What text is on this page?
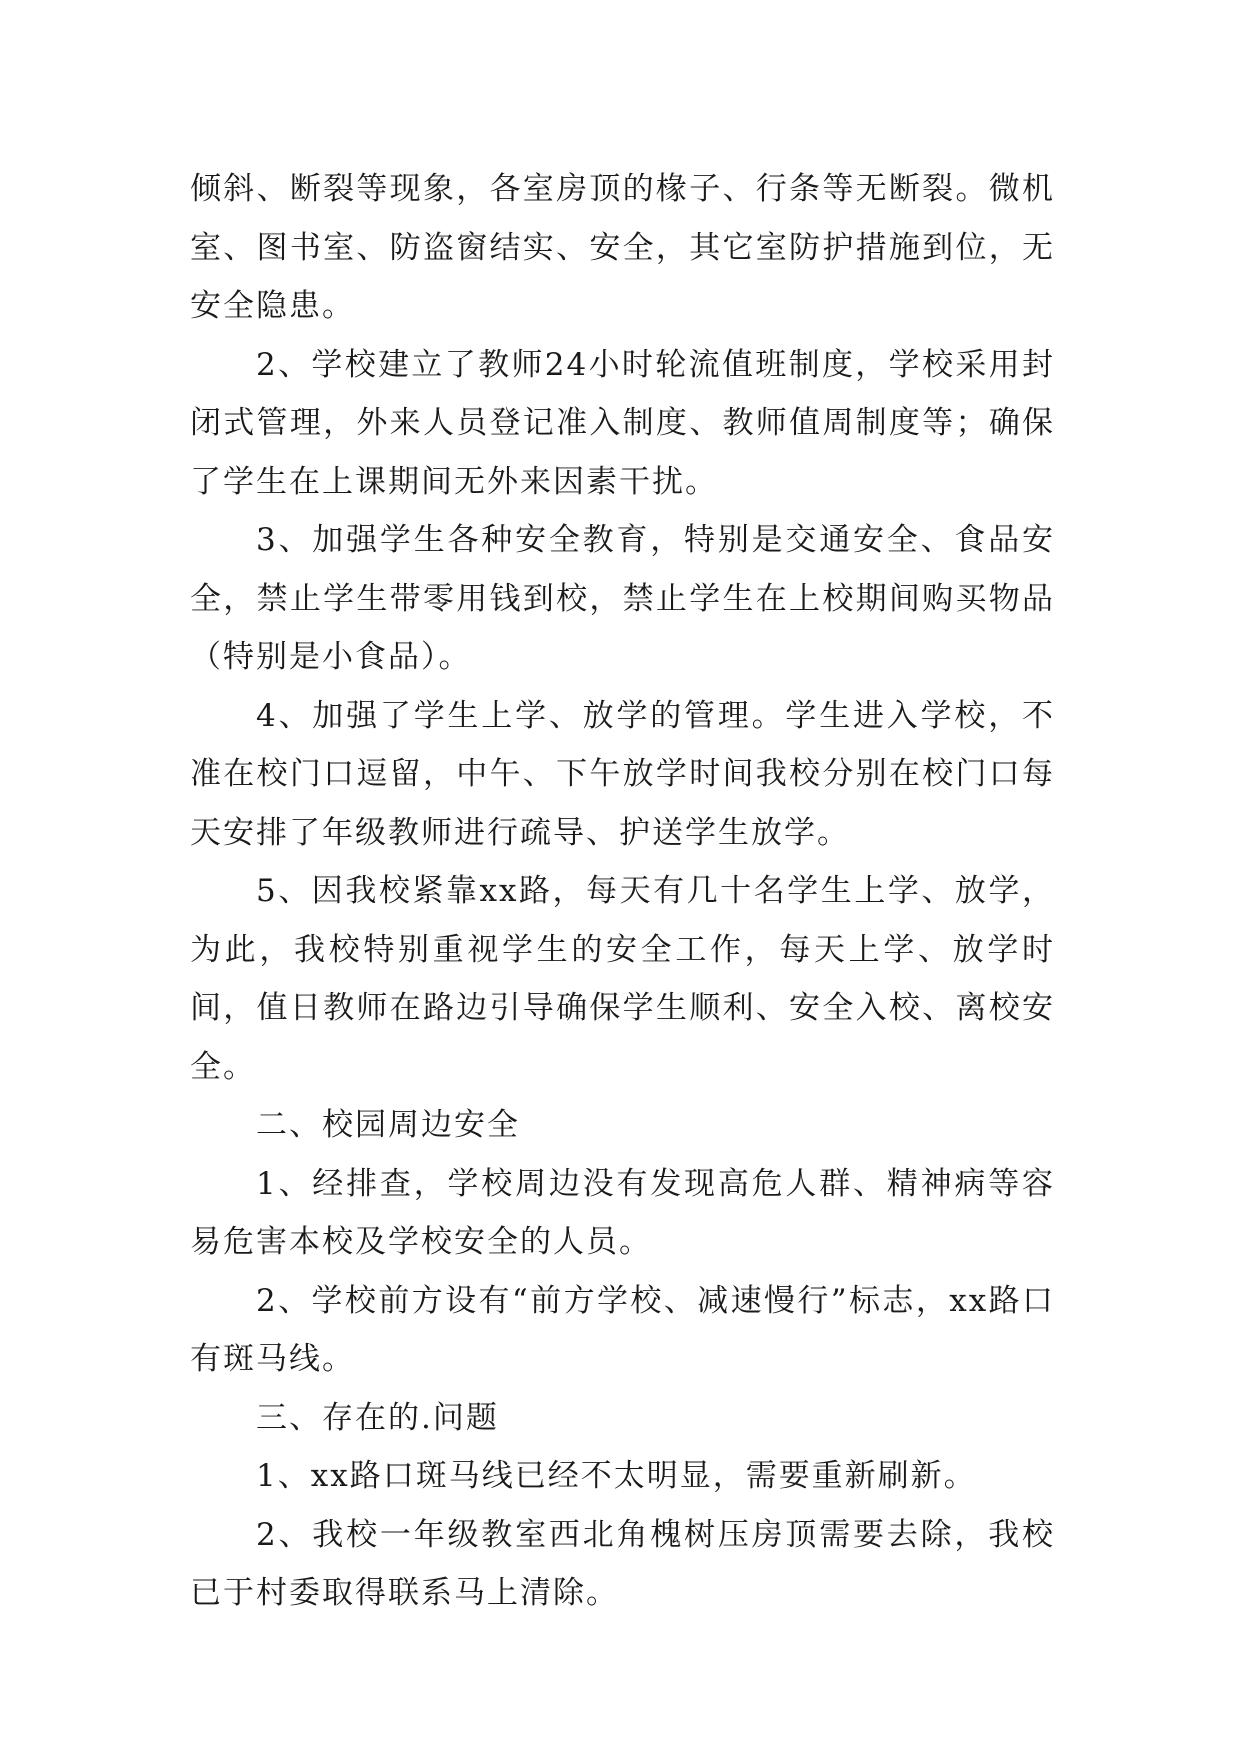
倾斜、断裂等现象，各室房顶的椽子、行条等无断裂。微机室、图书室、防盗窗结实、安全，其它室防护措施到位，无安全隐患。

2、学校建立了教师24小时轮流值班制度，学校采用封闭式管理，外来人员登记准入制度、教师值周制度等；确保了学生在上课期间无外来因素干扰。

3、加强学生各种安全教育，特别是交通安全、食品安全，禁止学生带零用钱到校，禁止学生在上校期间购买物品（特别是小食品）。

4、加强了学生上学、放学的管理。学生进入学校，不准在校门口逗留，中午、下午放学时间我校分别在校门口每天安排了年级教师进行疏导、护送学生放学。

5、因我校紧靠xx路，每天有几十名学生上学、放学，为此，我校特别重视学生的安全工作，每天上学、放学时间，值日教师在路边引导确保学生顺利、安全入校、离校安全。

二、校园周边安全

1、经排查，学校周边没有发现高危人群、精神病等容易危害本校及学校安全的人员。

2、学校前方设有“前方学校、减速慢行”标志，xx路口有斑马线。

三、存在的.问题

1、xx路口斑马线已经不太明显，需要重新刷新。

2、我校一年级教室西北角槐树压房顶需要去除，我校已于村委取得联系马上清除。
